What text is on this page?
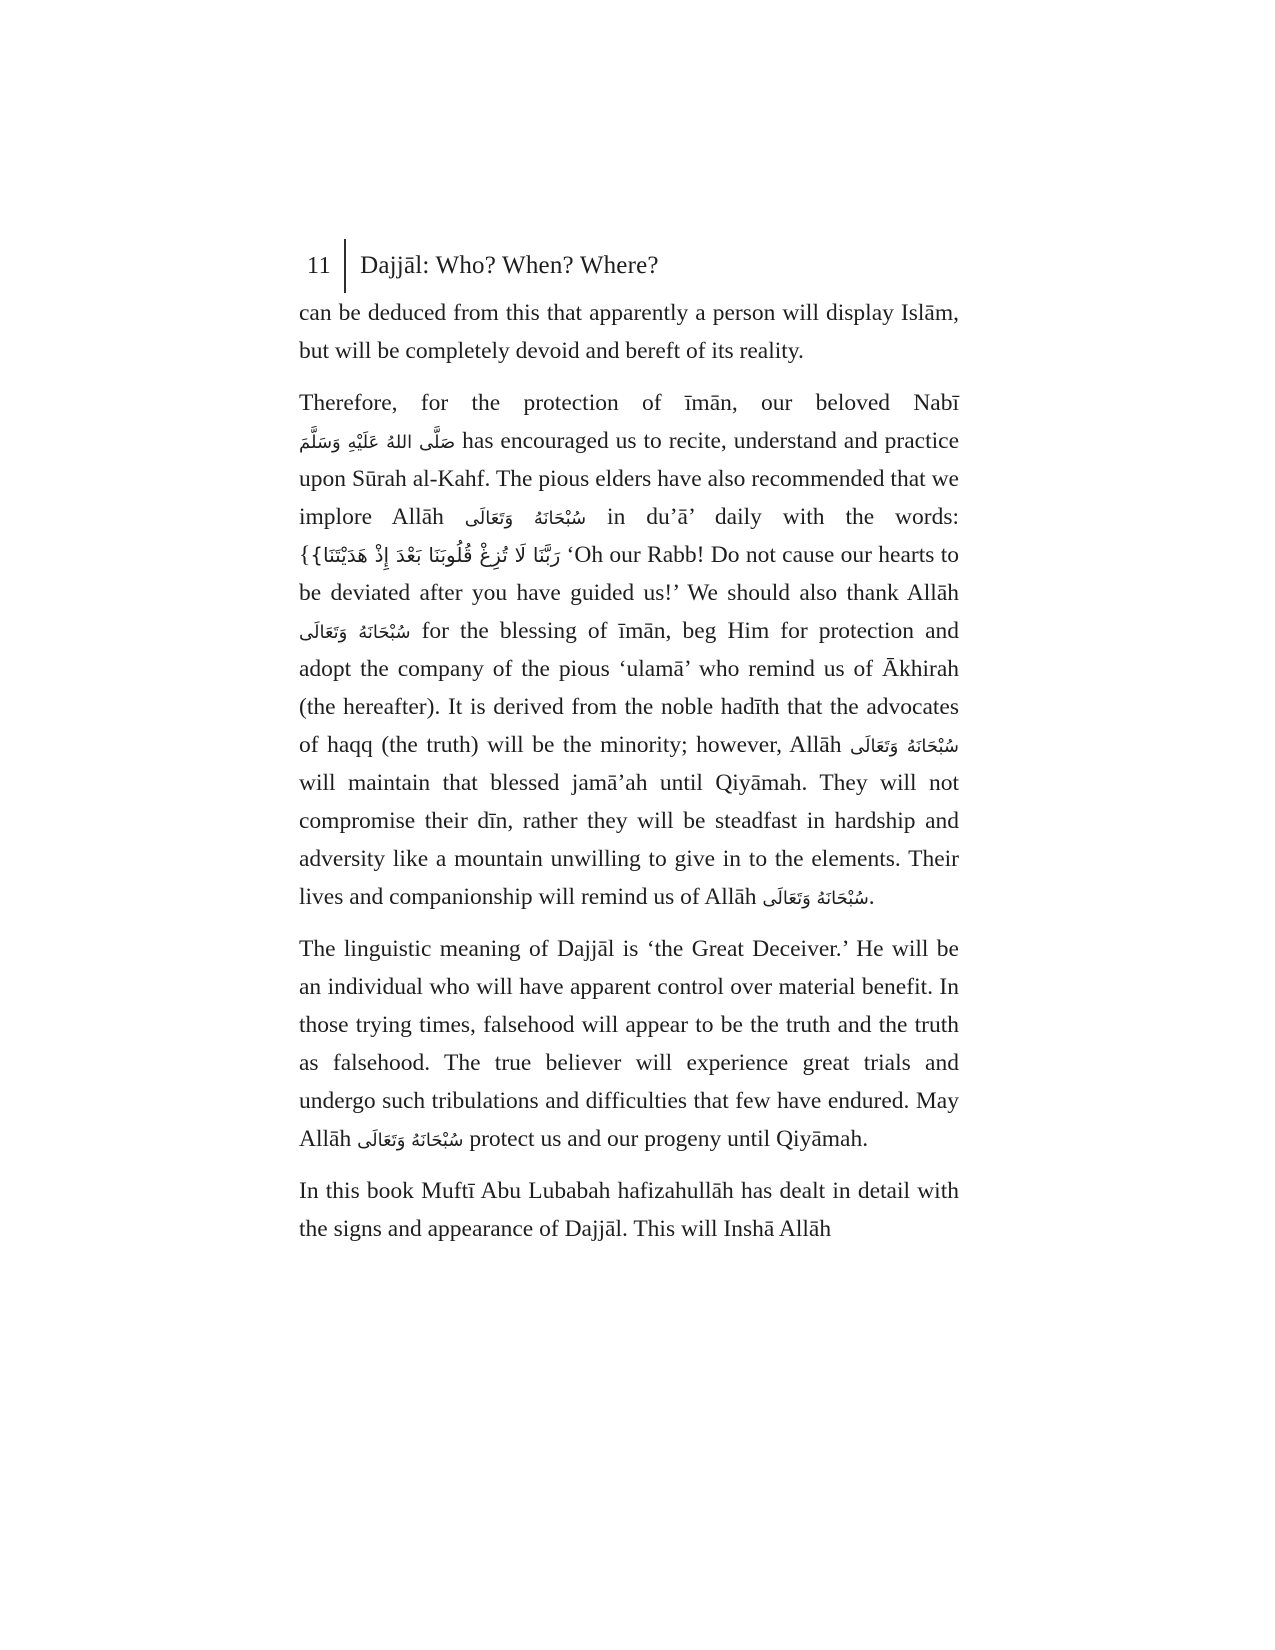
11	Dajjāl: Who? When? Where?

can be deduced from this that apparently a person will display Islām, but will be completely devoid and bereft of its reality.

Therefore, for the protection of īmān, our beloved Nabī صَلَّى اللهُ عَلَيْهِ وَسَلَّمَ has encouraged us to recite, understand and practice upon Sūrah al-Kahf. The pious elders have also recommended that we implore Allāh سُبْحَانَهُ وَتَعَالَى in du’ā’ daily with the words:{رَبَّنَا لَا تُزِغْ قُلُوبَنَا بَعْدَ إِذْ هَدَيْتَنَا} ‘Oh our Rabb! Do not cause our hearts to be deviated after you have guided us!’ We should also thank Allāh سُبْحَانَهُ وَتَعَالَى for the blessing of īmān, beg Him for protection and adopt the company of the pious ‘ulamā’ who remind us of Ākhirah (the hereafter). It is derived from the noble hadīth that the advocates of haqq (the truth) will be the minority; however, Allāh سُبْحَانَهُ وَتَعَالَى will maintain that blessed jamā’ah until Qiyāmah. They will not compromise their dīn, rather they will be steadfast in hardship and adversity like a mountain unwilling to give in to the elements. Their lives and companionship will remind us of Allāh سُبْحَانَهُ وَتَعَالَى.

The linguistic meaning of Dajjāl is ‘the Great Deceiver.’ He will be an individual who will have apparent control over material benefit. In those trying times, falsehood will appear to be the truth and the truth as falsehood. The true believer will experience great trials and undergo such tribulations and difficulties that few have endured. May Allāh سُبْحَانَهُ وَتَعَالَى protect us and our progeny until Qiyāmah.

In this book Muftī Abu Lubabah hafizahullāh has dealt in detail with the signs and appearance of Dajjāl. This will Inshā Allāh
